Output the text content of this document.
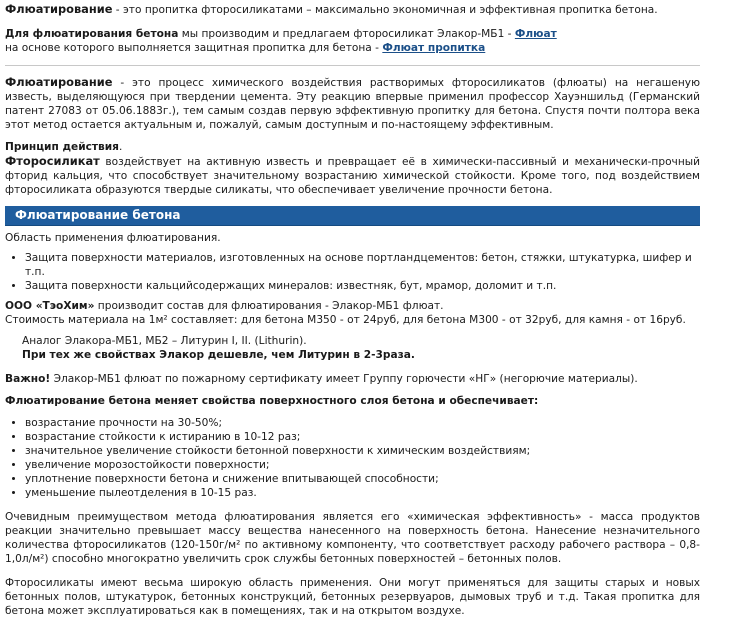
Флюатирование - это пропитка фторосиликатами – максимально экономичная и эффективная пропитка бетона.

Для флюатирования бетона мы производим и предлагаем фторосиликат Элакор-МБ1 - Флюат
на основе которого выполняется защитная пропитка для бетона - Флюат пропитка

Флюатирование - это процесс химического воздействия растворимых фторосиликатов (флюаты) на негашеную известь, выделяющуюся при твердении цемента. Эту реакцию впервые применил профессор Хауэншильд (Германский патент 27083 от 05.06.1883г.), тем самым создав первую эффективную пропитку для бетона. Спустя почти полтора века этот метод остается актуальным и, пожалуй, самым доступным и по-настоящему эффективным.

Принцип действия.

Фторосиликат воздействует на активную известь и превращает её в химически-пассивный и механически-прочный фторид кальция, что способствует значительному возрастанию химической стойкости. Кроме того, под воздействием фторосиликата образуются твердые силикаты, что обеспечивает увеличение прочности бетона.

Флюатирование бетона

Область применения флюатирования.

• Защита поверхности материалов, изготовленных на основе портландцементов: бетон, стяжки, штукатурка, шифер и т.п.
• Защита поверхности кальцийсодержащих минералов: известняк, бут, мрамор, доломит и т.п.

ООО «ТэоХим» производит состав для флюатирования - Элакор-МБ1 флюат.

Стоимость материала на 1м² составляет: для бетона М350 - от 24руб, для бетона М300 - от 32руб, для камня - от 16руб.

Аналог Элакора-МБ1, МБ2 – Литурин I, II. (Lithurin).

При тех же свойствах Элакор дешевле, чем Литурин в 2-3раза.

Важно! Элакор-МБ1 флюат по пожарному сертификату имеет Группу горючести «НГ» (негорючие материалы).

Флюатирование бетона меняет свойства поверхностного слоя бетона и обеспечивает:

• возрастание прочности на 30-50%;
• возрастание стойкости к истиранию в 10-12 раз;
• значительное увеличение стойкости бетонной поверхности к химическим воздействиям;
• увеличение морозостойкости поверхности;
• уплотнение поверхности бетона и снижение впитывающей способности;
• уменьшение пылеотделения в 10-15 раз.

Очевидным преимуществом метода флюатирования является его «химическая эффективность» - масса продуктов реакции значительно превышает массу вещества нанесенного на поверхность бетона. Нанесение незначительного количества фторосиликатов (120-150г/м² по активному компоненту, что соответствует расходу рабочего раствора – 0,8-1,0л/м²) способно многократно увеличить срок службы бетонных поверхностей – бетонных полов.

Фторосиликаты имеют весьма широкую область применения. Они могут применяться для защиты старых и новых бетонных полов, штукатурок, бетонных конструкций, бетонных резервуаров, дымовых труб и т.д. Такая пропитка для бетона может эксплуатироваться как в помещениях, так и на открытом воздухе.
